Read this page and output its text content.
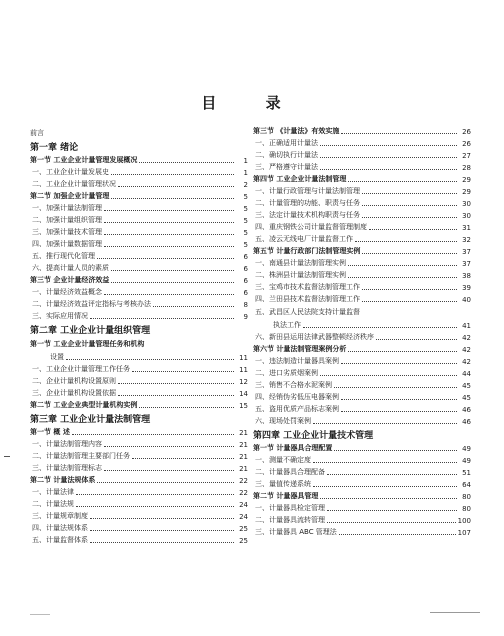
目 录
前言
第一章 绪论
第一节 工业企业计量管理发展概况	1
一、工业企业计量发展史	1
二、工业企业计量管理状况	2
第二节 加强企业计量管理	5
一、加强计量法制管理	5
二、加强计量组织管理	5
三、加强计量技术管理	5
四、加强计量数据管理	5
五、推行现代化管理	6
六、提高计量人员的素质	6
第三节 企业计量经济效益	6
一、计量经济效益概念	6
二、计量经济效益评定指标与考核办法	8
三、实际应用情况	9
第二章 工业企业计量组织管理
第一节 工业企业计量管理任务和机构
设置	11
一、工业企业计量管理工作任务	11
二、企业计量机构设置原则	12
三、企业计量机构设置依据	14
第二节 工业企业典型计量机构实例	15
第三章 工业企业计量法制管理
第一节 概 述	21
一、计量法制管理内容	21
二、计量法制管理主要部门任务	21
三、计量法制管理标志	21
第二节 计量法规体系	22
一、计量法律	22
二、计量法规	24
三、计量规章制度	24
四、计量法规体系	25
五、计量监督体系	25
第三节 《计量法》有效实施	26
一、正确适用计量法	26
二、确切执行计量法	27
三、严格遵守计量法	28
第四节 工业企业计量法制管理	29
一、计量行政管理与计量法制管理	29
二、计量管理的功能、职责与任务	30
三、法定计量技术机构职责与任务	30
四、重庆钢铁公司计量监督管理制度	31
五、凌云无线电厂计量监督工作	32
第五节 计量行政部门法制管理实例	37
一、南通县计量法制管理实例	37
二、株洲县计量法制管理实例	38
三、宝鸡市技术监督法制管理工作	39
四、兰田县技术监督法制管理工作	40
五、武昌区人民法院支持计量监督
执法工作	41
六、新田县运用法律武器整顿经济秩序	42
第六节 计量法制管理案例分析	42
一、违法制造计量器具案例	42
二、进口劣质烟案例	44
三、销售不合格水泥案例	45
四、经销伪劣低压电器案例	45
五、盗用优质产品标志案例	46
六、现场处罚案例	46
第四章 工业企业计量技术管理
第一节 计量器具合理配置	49
一、测量不确定度	49
二、计量器具合理配备	51
三、量值传递系统	64
第二节 计量器具管理	80
一、计量器具检定管理	80
二、计量器具流转管理	100
三、计量器具 ABC 管理法	107
